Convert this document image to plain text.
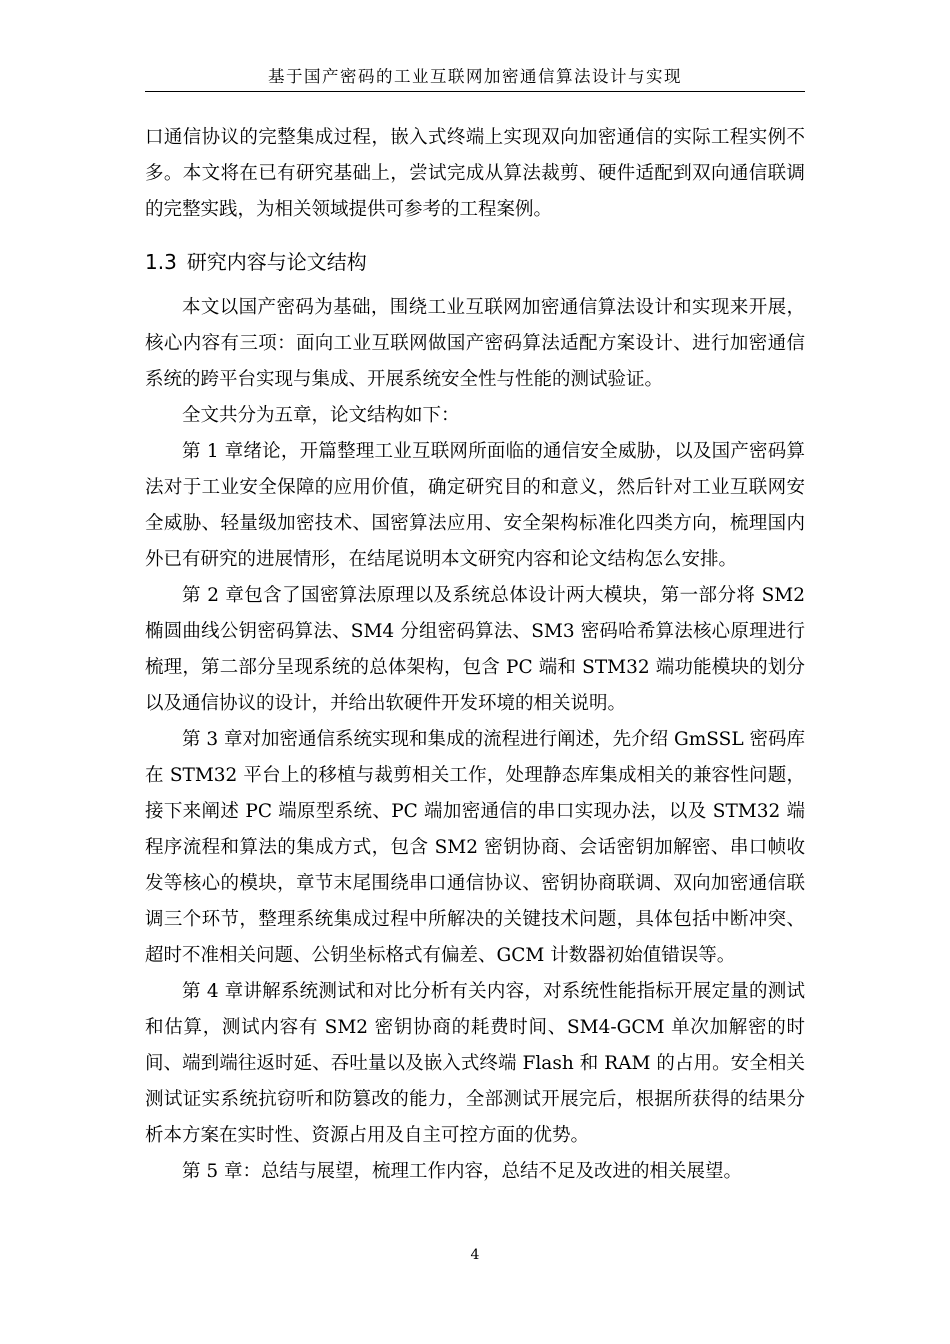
基于国产密码的工业互联网加密通信算法设计与实现

口通信协议的完整集成过程，嵌入式终端上实现双向加密通信的实际工程实例不多。本文将在已有研究基础上，尝试完成从算法裁剪、硬件适配到双向通信联调的完整实践，为相关领域提供可参考的工程案例。

1.3 研究内容与论文结构

本文以国产密码为基础，围绕工业互联网加密通信算法设计和实现来开展，核心内容有三项：面向工业互联网做国产密码算法适配方案设计、进行加密通信系统的跨平台实现与集成、开展系统安全性与性能的测试验证。

全文共分为五章，论文结构如下：

第 1 章绪论，开篇整理工业互联网所面临的通信安全威胁，以及国产密码算法对于工业安全保障的应用价值，确定研究目的和意义，然后针对工业互联网安全威胁、轻量级加密技术、国密算法应用、安全架构标准化四类方向，梳理国内外已有研究的进展情形，在结尾说明本文研究内容和论文结构怎么安排。

第 2 章包含了国密算法原理以及系统总体设计两大模块，第一部分将 SM2 椭圆曲线公钥密码算法、SM4 分组密码算法、SM3 密码哈希算法核心原理进行梳理，第二部分呈现系统的总体架构，包含 PC 端和 STM32 端功能模块的划分以及通信协议的设计，并给出软硬件开发环境的相关说明。

第 3 章对加密通信系统实现和集成的流程进行阐述，先介绍 GmSSL 密码库在 STM32 平台上的移植与裁剪相关工作，处理静态库集成相关的兼容性问题，接下来阐述 PC 端原型系统、PC 端加密通信的串口实现办法，以及 STM32 端程序流程和算法的集成方式，包含 SM2 密钥协商、会话密钥加解密、串口帧收发等核心的模块，章节末尾围绕串口通信协议、密钥协商联调、双向加密通信联调三个环节，整理系统集成过程中所解决的关键技术问题，具体包括中断冲突、超时不准相关问题、公钥坐标格式有偏差、GCM 计数器初始值错误等。

第 4 章讲解系统测试和对比分析有关内容，对系统性能指标开展定量的测试和估算，测试内容有 SM2 密钥协商的耗费时间、SM4-GCM 单次加解密的时间、端到端往返时延、吞吐量以及嵌入式终端 Flash 和 RAM 的占用。安全相关测试证实系统抗窃听和防篡改的能力，全部测试开展完后，根据所获得的结果分析本方案在实时性、资源占用及自主可控方面的优势。

第 5 章：总结与展望，梳理工作内容，总结不足及改进的相关展望。

4
